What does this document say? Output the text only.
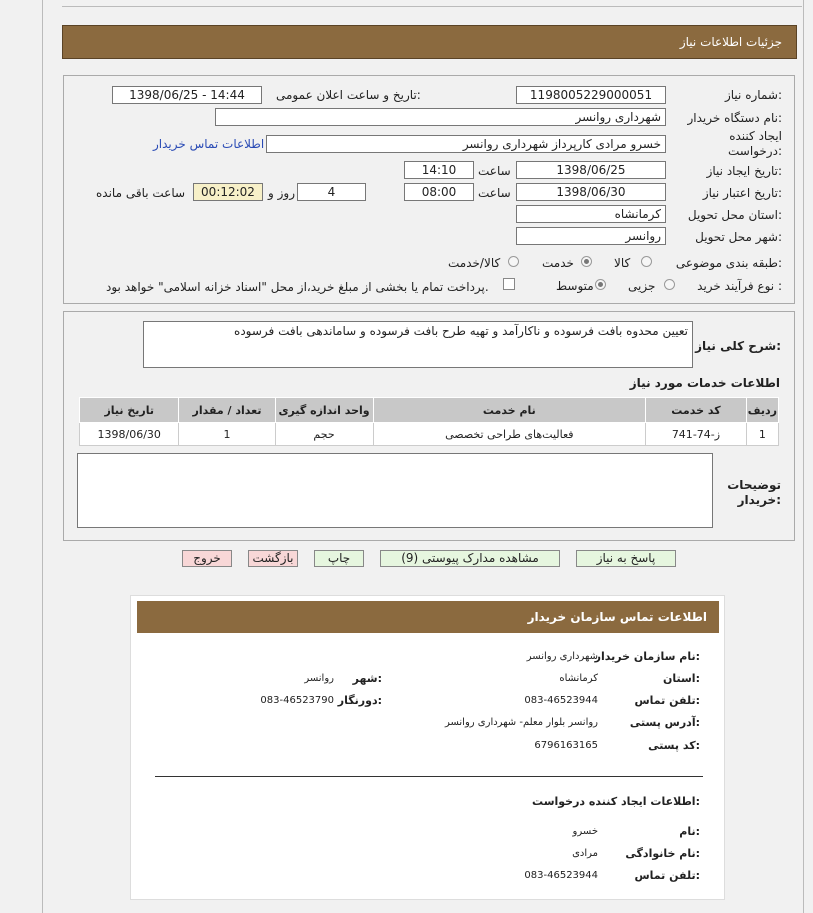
جزئیات اطلاعات نیاز
شماره نیاز:
1198005229000051
تاریخ و ساعت اعلان عمومی:
1398/06/25 - 14:44
نام دستگاه خریدار:
شهرداری روانسر
ایجاد کننده درخواست:
خسرو مرادی کارپرداز شهرداری روانسر
اطلاعات تماس خریدار
تاریخ ایجاد نیاز:
1398/06/25
ساعت
14:10
تاریخ اعتبار نیاز:
1398/06/30
ساعت
08:00
4
روز و
00:12:02
ساعت باقی مانده
استان محل تحویل:
کرمانشاه
شهر محل تحویل:
روانسر
طبقه بندی موضوعی:
کالا
خدمت
کالا/خدمت
نوع فرآیند خرید :
جزیی
متوسط
پرداخت تمام یا بخشی از مبلغ خرید،از محل "اسناد خزانه اسلامی" خواهد بود.
شرح کلی نیاز:
تعیین محدوه بافت فرسوده و ناکارآمد و تهیه طرح بافت فرسوده و ساماندهی بافت فرسوده
اطلاعات خدمات مورد نیاز
ردیف	کد خدمت	نام خدمت	واحد اندازه گیری	تعداد / مقدار	تاریخ نیاز
1	ز-74-741	فعالیت‌های طراحی تخصصی	حجم	1	1398/06/30
توضیحات خریدار:
پاسخ به نیاز
مشاهده مدارک پیوستی (9)
چاپ
بازگشت
خروج
اطلاعات تماس سازمان خریدار
نام سازمان خریدار:
شهرداری روانسر
استان:
کرمانشاه
شهر:
روانسر
تلفن تماس:
083-46523944
دورنگار:
083-46523790
آدرس پستی:
روانسر بلوار معلم- شهرداری روانسر
کد پستی:
6796163165
اطلاعات ایجاد کننده درخواست:
نام:
خسرو
نام خانوادگی:
مرادی
تلفن تماس:
083-46523944
